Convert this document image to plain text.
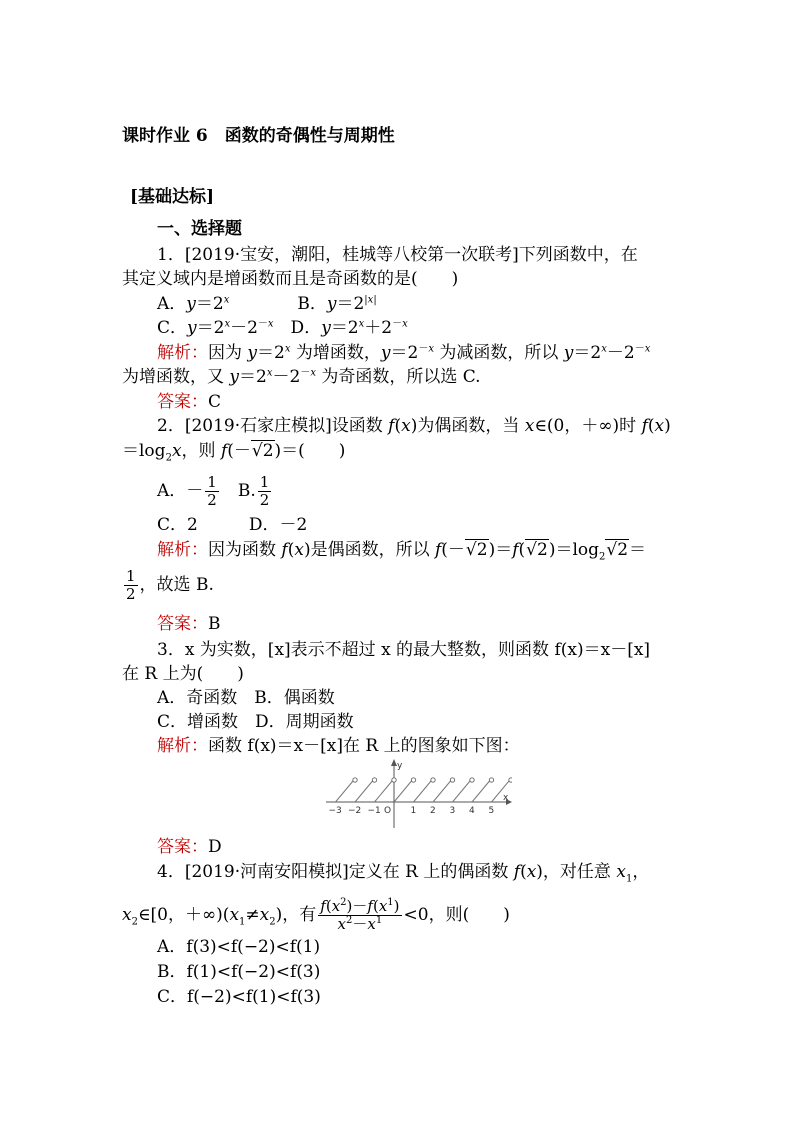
课时作业 6　函数的奇偶性与周期性
[基础达标]
一、选择题
1．[2019·宝安，潮阳，桂城等八校第一次联考]下列函数中，在
其定义域内是增函数而且是奇函数的是(　　)
A．$y=2^x$　　　　B．$y=2^{|x|}$
C．$y=2^x-2^{-x}$　D．$y=2^x+2^{-x}$
解析：因为 $y=2^x$ 为增函数，$y=2^{-x}$ 为减函数，所以 $y=2^x-2^{-x}$
为增函数，又 $y=2^x-2^{-x}$ 为奇函数，所以选 C.
答案：C
2．[2019·石家庄模拟]设函数 f(x)为偶函数，当 x∈(0，＋∞)时 f(x)
$=\log_2x$，则 f(－√2)＝(　　)
A．－ $\frac{1}{2}$ 　B. $\frac{1}{2}$
C．2　　　D．－2
解析：因为函数 f(x)是偶函数，所以 $f(-√2)=f(√2)=\log_2√2=$
$\frac{1}{2}$ ，故选 B.
答案：B
3．x 为实数，[x]表示不超过 x 的最大整数，则函数 f(x)＝x－[x]
在 R 上为(　　)
A．奇函数　B．偶函数
C．增函数　D．周期函数
解析：函数 f(x)＝x－[x]在 R 上的图象如下图：
x
y
O
−3 −2 −1	1 2 3 4 5
答案：D
4．[2019·河南安阳模拟]定义在 R 上的偶函数 f(x)，对任意 $x_1$，
$x_2\in[0$，$+\infty)(x_1\ne x_2)$，有 $\frac{f(x^2)-f(x^1)}{x^2-x^1} <0$，则(　　)
A．f(3)<f(−2)<f(1)
B．f(1)<f(−2)<f(3)
C．f(−2)<f(1)<f(3)
